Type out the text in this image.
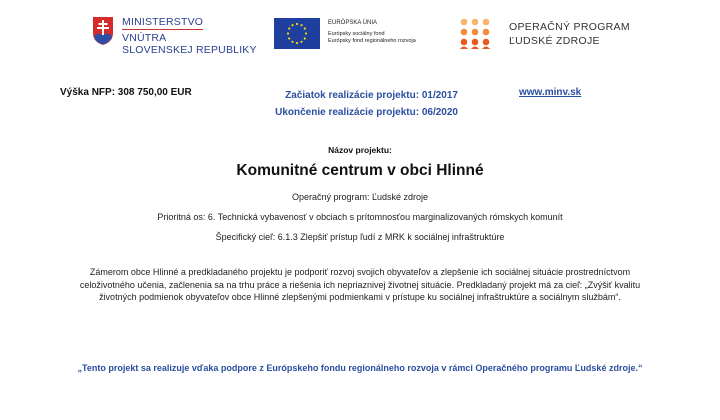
MINISTERSTVO
VNÚTRA
SLOVENSKEJ REPUBLIKY
EURÓPSKA ÚNIA
Európsky sociálny fond
Európsky fond regionálneho rozvoja
OPERAČNÝ PROGRAM
ĽUDSKÉ ZDROJE
Výška NFP: 308 750,00 EUR	Začiatok realizácie projektu: 01/2017
Ukončenie realizácie projektu: 06/2020
www.minv.sk
Názov projektu:
Komunitné centrum v obci Hlinné
Operačný program: Ľudské zdroje
Prioritná os: 6. Technická vybavenosť v obciach s prítomnosťou marginalizovaných rómskych komunít
Špecifický cieľ: 6.1.3 Zlepšiť prístup ľudí z MRK k sociálnej infraštruktúre
Zámerom obce Hlinné a predkladaného projektu je podporiť rozvoj svojich obyvateľov a zlepšenie ich sociálnej situácie prostredníctvom celoživotného učenia, začlenenia sa na trhu práce a riešenia ich nepriaznivej životnej situácie. Predkladaný projekt má za cieľ: „Zvýšiť kvalitu životných podmienok obyvateľov obce Hlinné zlepšenými podmienkami v prístupe ku sociálnej infraštruktúre a sociálnym službám“.
„Tento projekt sa realizuje vďaka podpore z Európskeho fondu regionálneho rozvoja v rámci Operačného programu Ľudské zdroje.“
